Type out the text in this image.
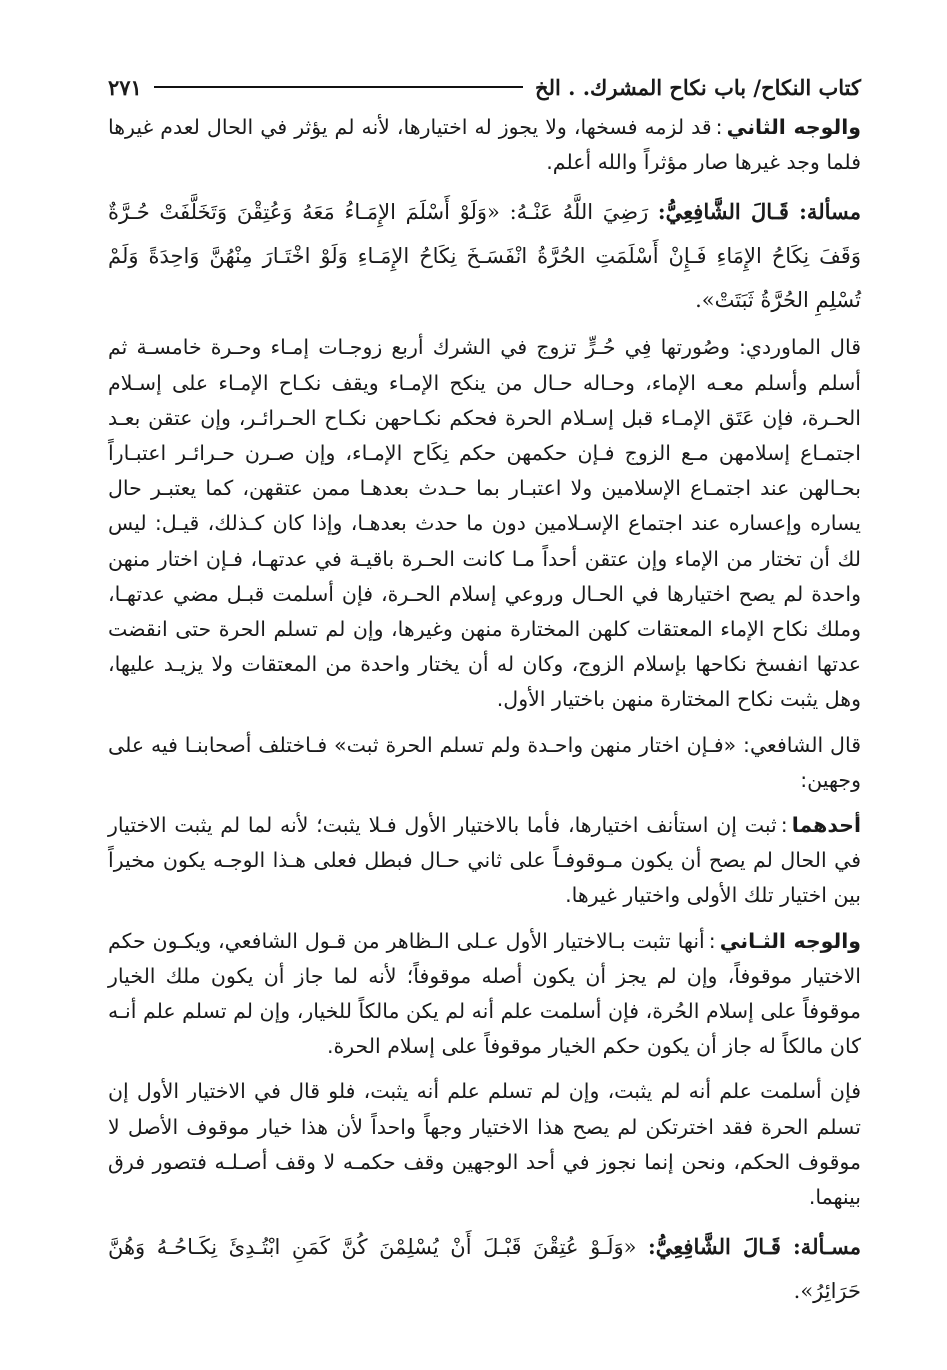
كتاب النكاح/ باب نكاح المشرك. . الخ
٢٧١

والوجه الثاني:قد لزمه فسخها، ولا يجوز له اختيارها، لأنه لم يؤثر في الحال لعدم غيرها فلما وجد غيرها صار مؤثراً والله أعلم.

مسألة: قَـالَ الشَّافِعِيُّ: رَضِيَ اللَّهُ عَنْـهُ: «وَلَوْ أَسْلَمَ الإِمَـاءُ مَعَهُ وَعُتِقْنَ وَتَخَلَّفَتْ حُـرَّةٌ وَقَفَ نِكَاحُ الإِمَاءِ فَـإِنْ أَسْلَمَتِ الحُرَّةُ انْفَسَـخَ نِكَاحُ الإِمَـاءِ وَلَوْ اخْتَـارَ مِنْهُنَّ وَاحِدَةً وَلَمْ تُسْلِمِ الحُرَّةُ ثَبَتَتْ».

قال الماوردي: وصُورتها فِي حُـرٍّ تزوج في الشرك أربع زوجـات إمـاء وحـرة خامسـة ثم أسلم وأسلم معـه الإماء، وحـاله حـال من ينكح الإمـاء ويقف نكـاح الإمـاء على إسـلام الحـرة، فإن عَتَق الإمـاء قبل إسـلام الحرة فحكم نكـاحهن نكـاح الحـرائـر، وإن عتقن بعـد اجتمـاع إسلامهن مـع الزوج فـإن حكمهن حكم نِكَاح الإمـاء، وإن صـرن حـرائـر اعتبـاراً بحـالهن عند اجتمـاع الإسلامين ولا اعتبـار بما حـدث بعدهـا ممن عتقهن، كما يعتبـر حال يساره وإعساره عند اجتماع الإسـلامين دون ما حدث بعدهـا، وإذا كان كـذلك، قيـل: ليس لك أن تختار من الإماء وإن عتقن أحداً مـا كانت الحـرة باقيـة في عدتهـا، فـإن اختار منهن واحدة لم يصح اختيارها في الحـال وروعي إسلام الحـرة، فإن أسلمت قبـل مضي عدتهـا، وملك نكاح الإماء المعتقات كلهن المختارة منهن وغيرها، وإن لم تسلم الحرة حتى انقضت عدتها انفسخ نكاحها بإسلام الزوج، وكان له أن يختار واحدة من المعتقات ولا يزيـد عليها، وهل يثبت نكاح المختارة منهن باختيار الأول.

قال الشافعي: «فـإن اختار منهن واحـدة ولم تسلم الحرة ثبت» فـاختلف أصحابنـا فيه على وجهين:

أحدهما:ثبت إن استأنف اختيارها، فأما بالاختيار الأول فـلا يثبت؛ لأنه لما لم يثبت الاختيار في الحال لم يصح أن يكون مـوقوفـاً على ثاني حـال فبطل فعلى هـذا الوجـه يكون مخيراً بين اختيار تلك الأولى واختيار غيرها.

والوجه الثـاني:أنها تثبت بـالاختيار الأول عـلى الـظاهر من قـول الشافعي، ويكـون حكم الاختيار موقوفاً، وإن لم يجز أن يكون أصله موقوفاً؛ لأنه لما جاز أن يكون ملك الخيار موقوفاً على إسلام الحُرة، فإن أسلمت علم أنه لم يكن مالكاً للخيار، وإن لم تسلم علم أنـه كان مالكاً له جاز أن يكون حكم الخيار موقوفاً على إسلام الحرة.

فإن أسلمت علم أنه لم يثبت، وإن لم تسلم علم أنه يثبت، فلو قال في الاختيار الأول إن تسلم الحرة فقد اخترتكن لم يصح هذا الاختيار وجهاً واحداً لأن هذا خيار موقوف الأصل لا موقوف الحكم، ونحن إنما نجوز في أحد الوجهين وقف حكمـه لا وقف أصـلـه فتصور فرق بينهما.

مسـألة: قَـالَ الشَّافِعِيُّ: «وَلَـوْ عُتِقْنَ قَبْـلَ أَنْ يُسْلِمْنَ كُنَّ كَمَنِ ابْتُـدِئَ نِكَـاحُـهُ وَهُنَّ حَرَائِرُ».
